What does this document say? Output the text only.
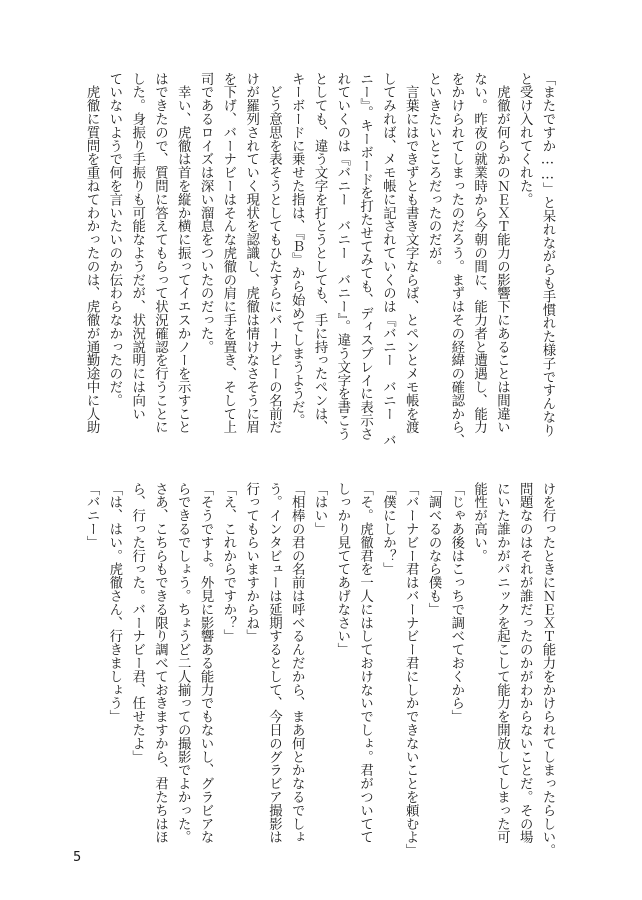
「またですか……」と呆れながらも手慣れた様子ですんなり

と受け入れてくれた。

　虎徹が何らかのＮＥＸＴ能力の影響下にあることは間違い

ない。昨夜の就業時から今朝の間に、能力者と遭遇し、能力

をかけられてしまったのだろう。まずはその経緯の確認から、

といきたいところだったのだが。

　言葉にはできずとも書き文字ならば、とペンとメモ帳を渡

してみれば、メモ帳に記されていくのは『バニー　バニー　バ

ニー』。キーボードを打たせてみても、ディスプレイに表示さ

れていくのは『バニー　バニー　バニー』。違う文字を書こう

としても、違う文字を打とうとしても、手に持ったペンは、

キーボードに乗せた指は、『Ｂ』から始めてしまうようだ。

　どう意思を表そうとしてもひたすらにバーナビーの名前だ

けが羅列されていく現状を認識し、虎徹は情けなさそうに眉

を下げ、バーナビーはそんな虎徹の肩に手を置き、そして上

司であるロイズは深い溜息をついたのだった。

　幸い、虎徹は首を縦か横に振ってイエスかノーを示すこと

はできたので、質問に答えてもらって状況確認を行うことに

した。身振り手振りも可能なようだが、状況説明には向い

ていないようで何を言いたいのか伝わらなかったのだ。

　虎徹に質問を重ねてわかったのは、虎徹が通勤途中に人助

けを行ったときにＮＥＸＴ能力をかけられてしまったらしい。

問題なのはそれが誰だったのかがわからないことだ。その場

にいた誰かがパニックを起こして能力を開放してしまった可

能性が高い。

「じゃあ後はこっちで調べておくから」

「調べるのなら僕も」

「バーナビー君はバーナビー君にしかできないことを頼むよ」

「僕にしか？」

「そ。虎徹君を一人にはしておけないでしょ。君がついてて

しっかり見ててあげなさい」

「はい」

「相棒の君の名前は呼べるんだから、まあ何とかなるでしょ

う。インタビューは延期するとして、今日のグラビア撮影は

行ってもらいますからね」

「え、これからですか？」

「そうですよ。外見に影響ある能力でもないし、グラビアな

らできるでしょう。ちょうど二人揃っての撮影でよかった。

さあ、こちらもできる限り調べておきますから、君たちはほ

ら、行った行った。バーナビー君、任せたよ」

「は、はい。虎徹さん、行きましょう」

「バニー」

5
